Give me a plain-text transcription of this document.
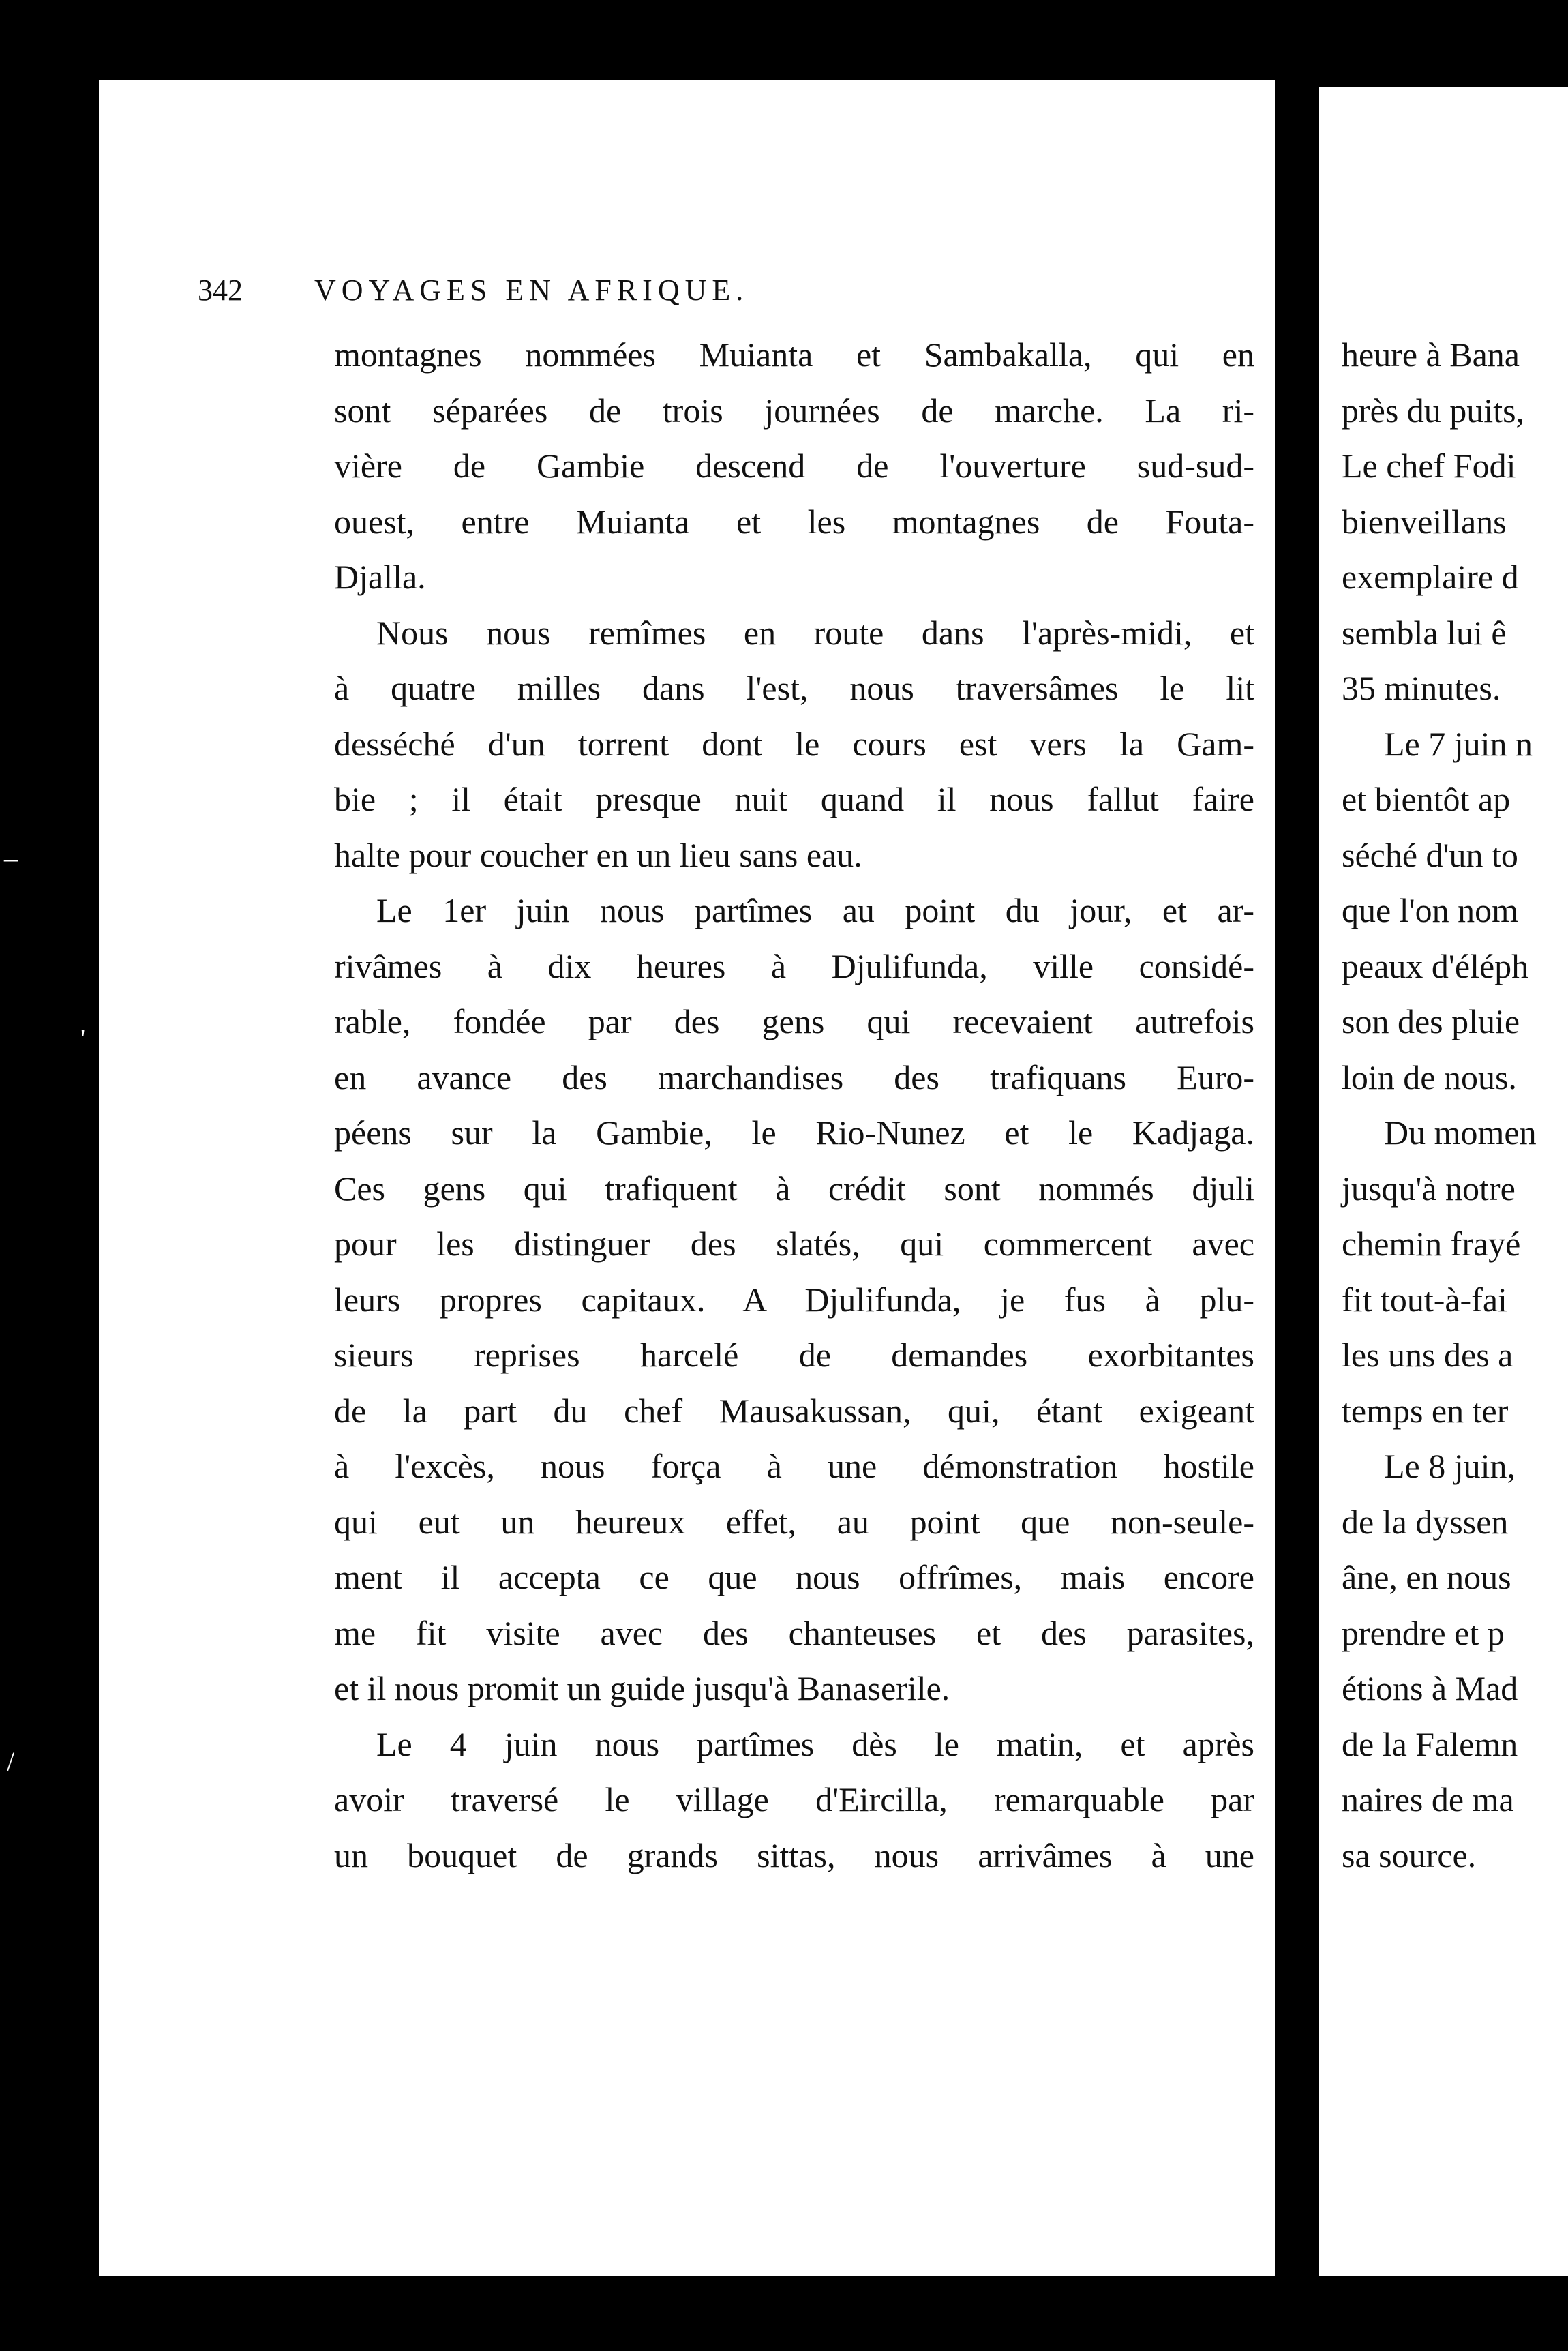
342 VOYAGES EN AFRIQUE.
montagnes nommées Muianta et Sambakalla, qui en
sont séparées de trois journées de marche. La ri-
vière de Gambie descend de l'ouverture sud-sud-
ouest, entre Muianta et les montagnes de Fouta-
Djalla.
Nous nous remîmes en route dans l'après-midi, et
à quatre milles dans l'est, nous traversâmes le lit
desséché d'un torrent dont le cours est vers la Gam-
bie ; il était presque nuit quand il nous fallut faire
halte pour coucher en un lieu sans eau.
Le 1er juin nous partîmes au point du jour, et ar-
rivâmes à dix heures à Djulifunda, ville considé-
rable, fondée par des gens qui recevaient autrefois
en avance des marchandises des trafiquans Euro-
péens sur la Gambie, le Rio-Nunez et le Kadjaga.
Ces gens qui trafiquent à crédit sont nommés djuli
pour les distinguer des slatés, qui commercent avec
leurs propres capitaux. A Djulifunda, je fus à plu-
sieurs reprises harcelé de demandes exorbitantes
de la part du chef Mausakussan, qui, étant exigeant
à l'excès, nous força à une démonstration hostile
qui eut un heureux effet, au point que non-seule-
ment il accepta ce que nous offrîmes, mais encore
me fit visite avec des chanteuses et des parasites,
et il nous promit un guide jusqu'à Banaserile.
Le 4 juin nous partîmes dès le matin, et après
avoir traversé le village d'Eircilla, remarquable par
un bouquet de grands sittas, nous arrivâmes à une
heure à Bana
près du puits,
Le chef Fodi
bienveillans
exemplaire d
sembla lui ê
35 minutes.
Le 7 juin n
et bientôt ap
séché d'un to
que l'on nom
peaux d'éléph
son des pluie
loin de nous.
Du momen
jusqu'à notre
chemin frayé
fit tout-à-fai
les uns des a
temps en ter
Le 8 juin,
de la dyssen
âne, en nous
prendre et p
étions à Mad
de la Falemn
naires de ma
sa source.
–
'
/
